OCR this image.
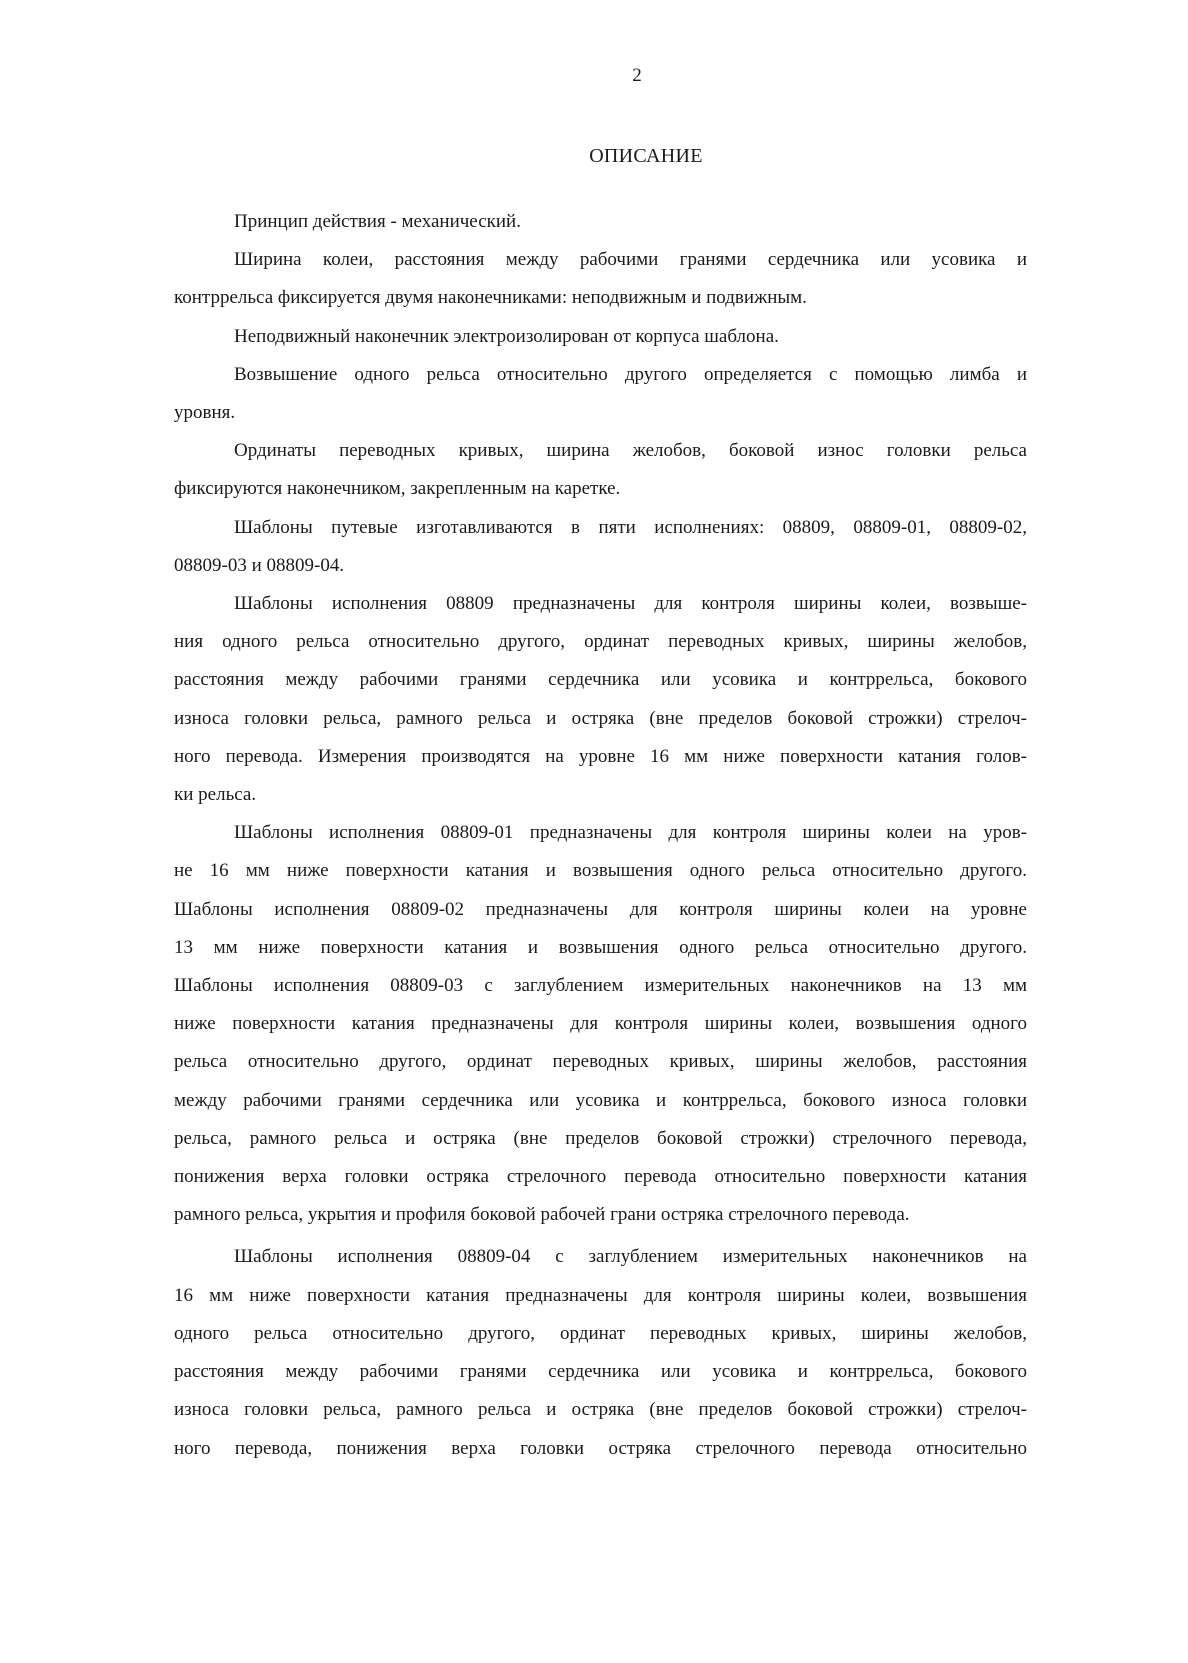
2
ОПИСАНИЕ

Принцип действия - механический.

Ширина колеи, расстояния между рабочими гранями сердечника или усовика и
контррельса фиксируется двумя наконечниками: неподвижным и подвижным.

Неподвижный наконечник электроизолирован от корпуса шаблона.

Возвышение одного рельса относительно другого определяется с помощью лимба и
уровня.

Ординаты переводных кривых, ширина желобов, боковой износ головки рельса
фиксируются наконечником, закрепленным на каретке.

Шаблоны путевые изготавливаются в пяти исполнениях: 08809, 08809-01, 08809-02,
08809-03 и 08809-04.

Шаблоны исполнения 08809 предназначены для контроля ширины колеи, возвыше-
ния одного рельса относительно другого, ординат переводных кривых, ширины желобов,
расстояния между рабочими гранями сердечника или усовика и контррельса, бокового
износа головки рельса, рамного рельса и остряка (вне пределов боковой строжки) стрелоч-
ного перевода. Измерения производятся на уровне 16 мм ниже поверхности катания голов-
ки рельса.

Шаблоны исполнения 08809-01 предназначены для контроля ширины колеи на уров-
не 16 мм ниже поверхности катания и возвышения одного рельса относительно другого.
Шаблоны исполнения 08809-02 предназначены для контроля ширины колеи на уровне
13 мм ниже поверхности катания и возвышения одного рельса относительно другого.
Шаблоны исполнения 08809-03 с заглублением измерительных наконечников на 13 мм
ниже поверхности катания предназначены для контроля ширины колеи, возвышения одного
рельса относительно другого, ординат переводных кривых, ширины желобов, расстояния
между рабочими гранями сердечника или усовика и контррельса, бокового износа головки
рельса, рамного рельса и остряка (вне пределов боковой строжки) стрелочного перевода,
понижения верха головки остряка стрелочного перевода относительно поверхности катания
рамного рельса, укрытия и профиля боковой рабочей грани остряка стрелочного перевода.

Шаблоны исполнения 08809-04 с заглублением измерительных наконечников на
16 мм ниже поверхности катания предназначены для контроля ширины колеи, возвышения
одного рельса относительно другого, ординат переводных кривых, ширины желобов,
расстояния между рабочими гранями сердечника или усовика и контррельса, бокового
износа головки рельса, рамного рельса и остряка (вне пределов боковой строжки) стрелоч-
ного перевода, понижения верха головки остряка стрелочного перевода относительно
